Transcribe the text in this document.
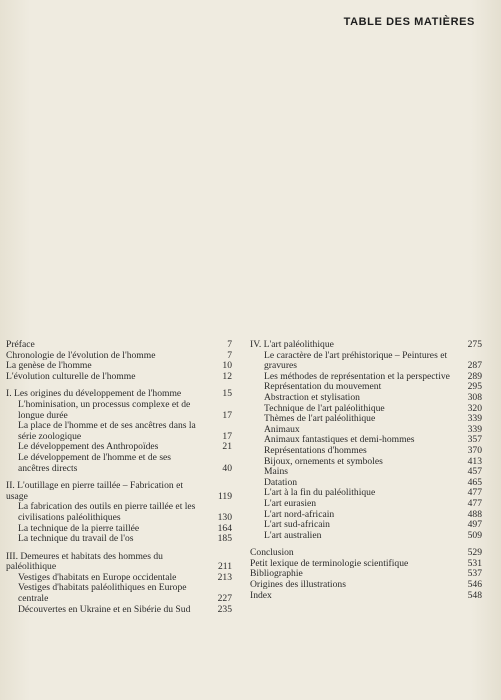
TABLE DES MATIÈRES
Préface	7
Chronologie de l'évolution de l'homme	7
La genèse de l'homme	10
L'évolution culturelle de l'homme	12
I. Les origines du développement de l'homme	15
L'hominisation, un processus complexe et de longue durée	17
La place de l'homme et de ses ancêtres dans la série zoologique	17
Le développement des Anthropoïdes	21
Le développement de l'homme et de ses ancêtres directs	40
II. L'outillage en pierre taillée – Fabrication et usage	119
La fabrication des outils en pierre taillée et les civilisations paléolithiques	130
La technique de la pierre taillée	164
La technique du travail de l'os	185
III. Demeures et habitats des hommes du paléolithique	211
Vestiges d'habitats en Europe occidentale	213
Vestiges d'habitats paléolithiques en Europe centrale	227
Découvertes en Ukraine et en Sibérie du Sud	235
IV. L'art paléolithique	275
Le caractère de l'art préhistorique – Peintures et gravures	287
Les méthodes de représentation et la perspective	289
Représentation du mouvement	295
Abstraction et stylisation	308
Technique de l'art paléolithique	320
Thèmes de l'art paléolithique	339
Animaux	339
Animaux fantastiques et demi-hommes	357
Représentations d'hommes	370
Bijoux, ornements et symboles	413
Mains	457
Datation	465
L'art à la fin du paléolithique	477
L'art eurasien	477
L'art nord-africain	488
L'art sud-africain	497
L'art australien	509
Conclusion	529
Petit lexique de terminologie scientifique	531
Bibliographie	537
Origines des illustrations	546
Index	548
